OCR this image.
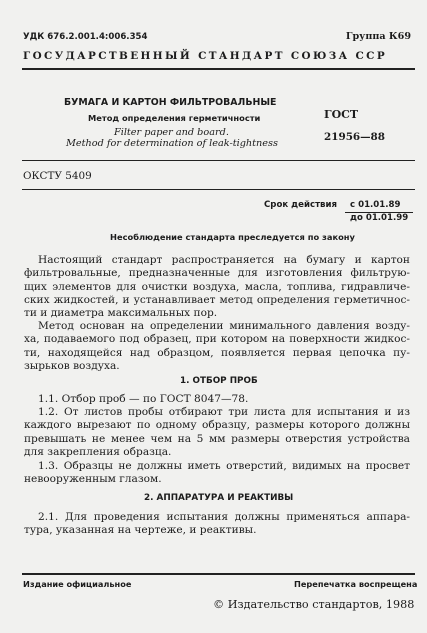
УДК 676.2.001.4:006.354	Группа К69
ГОСУДАРСТВЕННЫЙ СТАНДАРТ СОЮЗА ССР
БУМАГА И КАРТОН ФИЛЬТРОВАЛЬНЫЕ
Метод определения герметичности
Filter paper and board.
Method for determination of leak-tightness
ГОСТ
21956—88
ОКСТУ 5409
Срок действия с 01.01.89
до 01.01.99
Несоблюдение стандарта преследуется по закону
Настоящий стандарт распространяется на бумагу и картон
фильтровальные, предназначенные для изготовления фильтрую-
щих элементов для очистки воздуха, масла, топлива, гидравличе-
ских жидкостей, и устанавливает метод определения герметичнос-
ти и диаметра максимальных пор.
Метод основан на определении минимального давления возду-
ха, подаваемого под образец, при котором на поверхности жидкос-
ти, находящейся над образцом, появляется первая цепочка пу-
зырьков воздуха.
1. ОТБОР ПРОБ
1.1. Отбор проб — по ГОСТ 8047—78.
1.2. От листов пробы отбирают три листа для испытания и из
каждого вырезают по одному образцу, размеры которого должны
превышать не менее чем на 5 мм размеры отверстия устройства
для закрепления образца.
1.3. Образцы не должны иметь отверстий, видимых на просвет
невооруженным глазом.
2. АППАРАТУРА И РЕАКТИВЫ
2.1. Для проведения испытания должны применяться аппара-
тура, указанная на чертеже, и реактивы.
Издание официальное	Перепечатка воспрещена
© Издательство стандартов, 1988
